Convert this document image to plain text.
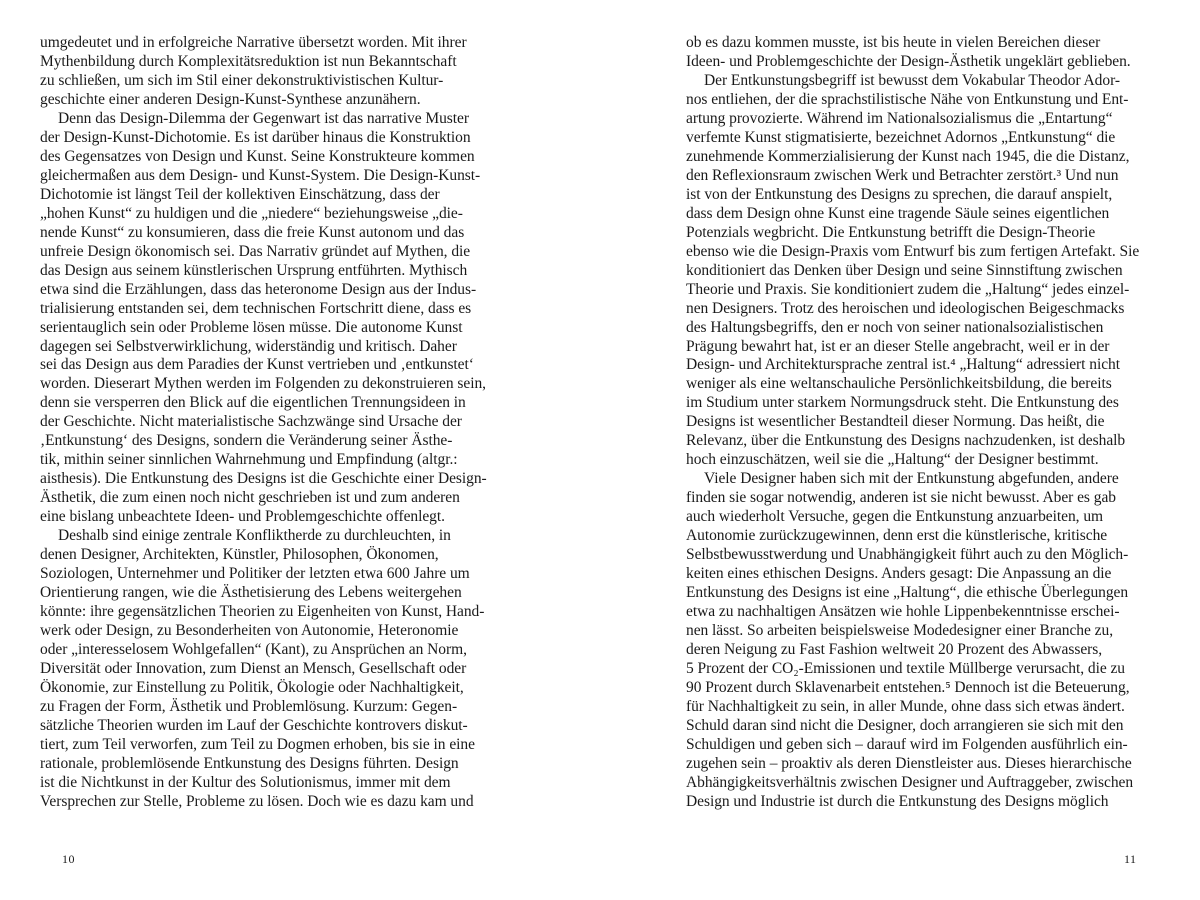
umgedeutet und in erfolgreiche Narrative übersetzt worden. Mit ihrer
Mythenbildung durch Komplexitätsreduktion ist nun Bekanntschaft
zu schließen, um sich im Stil einer dekonstruktivistischen Kultur-
geschichte einer anderen Design-Kunst-Synthese anzunähern.
Denn das Design-Dilemma der Gegenwart ist das narrative Muster
der Design-Kunst-Dichotomie. Es ist darüber hinaus die Konstruktion
des Gegensatzes von Design und Kunst. Seine Konstrukteure kommen
gleichermaßen aus dem Design- und Kunst-System. Die Design-Kunst-
Dichotomie ist längst Teil der kollektiven Einschätzung, dass der
„hohen Kunst“ zu huldigen und die „niedere“ beziehungsweise „die-
nende Kunst“ zu konsumieren, dass die freie Kunst autonom und das
unfreie Design ökonomisch sei. Das Narrativ gründet auf Mythen, die
das Design aus seinem künstlerischen Ursprung entführten. Mythisch
etwa sind die Erzählungen, dass das heteronome Design aus der Indus-
trialisierung entstanden sei, dem technischen Fortschritt diene, dass es
serientauglich sein oder Probleme lösen müsse. Die autonome Kunst
dagegen sei Selbstverwirklichung, widerständig und kritisch. Daher
sei das Design aus dem Paradies der Kunst vertrieben und ‚entkunstet‘
worden. Dieserart Mythen werden im Folgenden zu dekonstruieren sein,
denn sie versperren den Blick auf die eigentlichen Trennungsideen in
der Geschichte. Nicht materialistische Sachzwänge sind Ursache der
‚Entkunstung‘ des Designs, sondern die Veränderung seiner Ästhe-
tik, mithin seiner sinnlichen Wahrnehmung und Empfindung (altgr.:
aisthesis). Die Entkunstung des Designs ist die Geschichte einer Design-
Ästhetik, die zum einen noch nicht geschrieben ist und zum anderen
eine bislang unbeachtete Ideen- und Problemgeschichte offenlegt.
Deshalb sind einige zentrale Konfliktherde zu durchleuchten, in
denen Designer, Architekten, Künstler, Philosophen, Ökonomen,
Soziologen, Unternehmer und Politiker der letzten etwa 600 Jahre um
Orientierung rangen, wie die Ästhetisierung des Lebens weitergehen
könnte: ihre gegensätzlichen Theorien zu Eigenheiten von Kunst, Hand-
werk oder Design, zu Besonderheiten von Autonomie, Heteronomie
oder „interesselosem Wohlgefallen“ (Kant), zu Ansprüchen an Norm,
Diversität oder Innovation, zum Dienst an Mensch, Gesellschaft oder
Ökonomie, zur Einstellung zu Politik, Ökologie oder Nachhaltigkeit,
zu Fragen der Form, Ästhetik und Problemlösung. Kurzum: Gegen-
sätzliche Theorien wurden im Lauf der Geschichte kontrovers diskut-
tiert, zum Teil verworfen, zum Teil zu Dogmen erhoben, bis sie in eine
rationale, problemlösende Entkunstung des Designs führten. Design
ist die Nichtkunst in der Kultur des Solutionismus, immer mit dem
Versprechen zur Stelle, Probleme zu lösen. Doch wie es dazu kam und
10
ob es dazu kommen musste, ist bis heute in vielen Bereichen dieser
Ideen- und Problemgeschichte der Design-Ästhetik ungeklärt geblieben.
Der Entkunstungsbegriff ist bewusst dem Vokabular Theodor Ador-
nos entliehen, der die sprachstilistische Nähe von Entkunstung und Ent-
artung provozierte. Während im Nationalsozialismus die „Entartung“
verfemte Kunst stigmatisierte, bezeichnet Adornos „Entkunstung“ die
zunehmende Kommerzialisierung der Kunst nach 1945, die die Distanz,
den Reflexionsraum zwischen Werk und Betrachter zerstört.³ Und nun
ist von der Entkunstung des Designs zu sprechen, die darauf anspielt,
dass dem Design ohne Kunst eine tragende Säule seines eigentlichen
Potenzials wegbricht. Die Entkunstung betrifft die Design-Theorie
ebenso wie die Design-Praxis vom Entwurf bis zum fertigen Artefakt. Sie
konditioniert das Denken über Design und seine Sinnstiftung zwischen
Theorie und Praxis. Sie konditioniert zudem die „Haltung“ jedes einzel-
nen Designers. Trotz des heroischen und ideologischen Beigeschmacks
des Haltungsbegriffs, den er noch von seiner nationalsozialistischen
Prägung bewahrt hat, ist er an dieser Stelle angebracht, weil er in der
Design- und Architektursprache zentral ist.⁴ „Haltung“ adressiert nicht
weniger als eine weltanschauliche Persönlichkeitsbildung, die bereits
im Studium unter starkem Normungsdruck steht. Die Entkunstung des
Designs ist wesentlicher Bestandteil dieser Normung. Das heißt, die
Relevanz, über die Entkunstung des Designs nachzudenken, ist deshalb
hoch einzuschätzen, weil sie die „Haltung“ der Designer bestimmt.
Viele Designer haben sich mit der Entkunstung abgefunden, andere
finden sie sogar notwendig, anderen ist sie nicht bewusst. Aber es gab
auch wiederholt Versuche, gegen die Entkunstung anzuarbeiten, um
Autonomie zurückzugewinnen, denn erst die künstlerische, kritische
Selbstbewusstwerdung und Unabhängigkeit führt auch zu den Möglich-
keiten eines ethischen Designs. Anders gesagt: Die Anpassung an die
Entkunstung des Designs ist eine „Haltung“, die ethische Überlegungen
etwa zu nachhaltigen Ansätzen wie hohle Lippenbekenntnisse erschei-
nen lässt. So arbeiten beispielsweise Modedesigner einer Branche zu,
deren Neigung zu Fast Fashion weltweit 20 Prozent des Abwassers,
5 Prozent der CO₂-Emissionen und textile Müllberge verursacht, die zu
90 Prozent durch Sklavenarbeit entstehen.⁵ Dennoch ist die Beteuerung,
für Nachhaltigkeit zu sein, in aller Munde, ohne dass sich etwas ändert.
Schuld daran sind nicht die Designer, doch arrangieren sie sich mit den
Schuldigen und geben sich – darauf wird im Folgenden ausführlich ein-
zugehen sein – proaktiv als deren Dienstleister aus. Dieses hierarchische
Abhängigkeitsverhältnis zwischen Designer und Auftraggeber, zwischen
Design und Industrie ist durch die Entkunstung des Designs möglich
11
